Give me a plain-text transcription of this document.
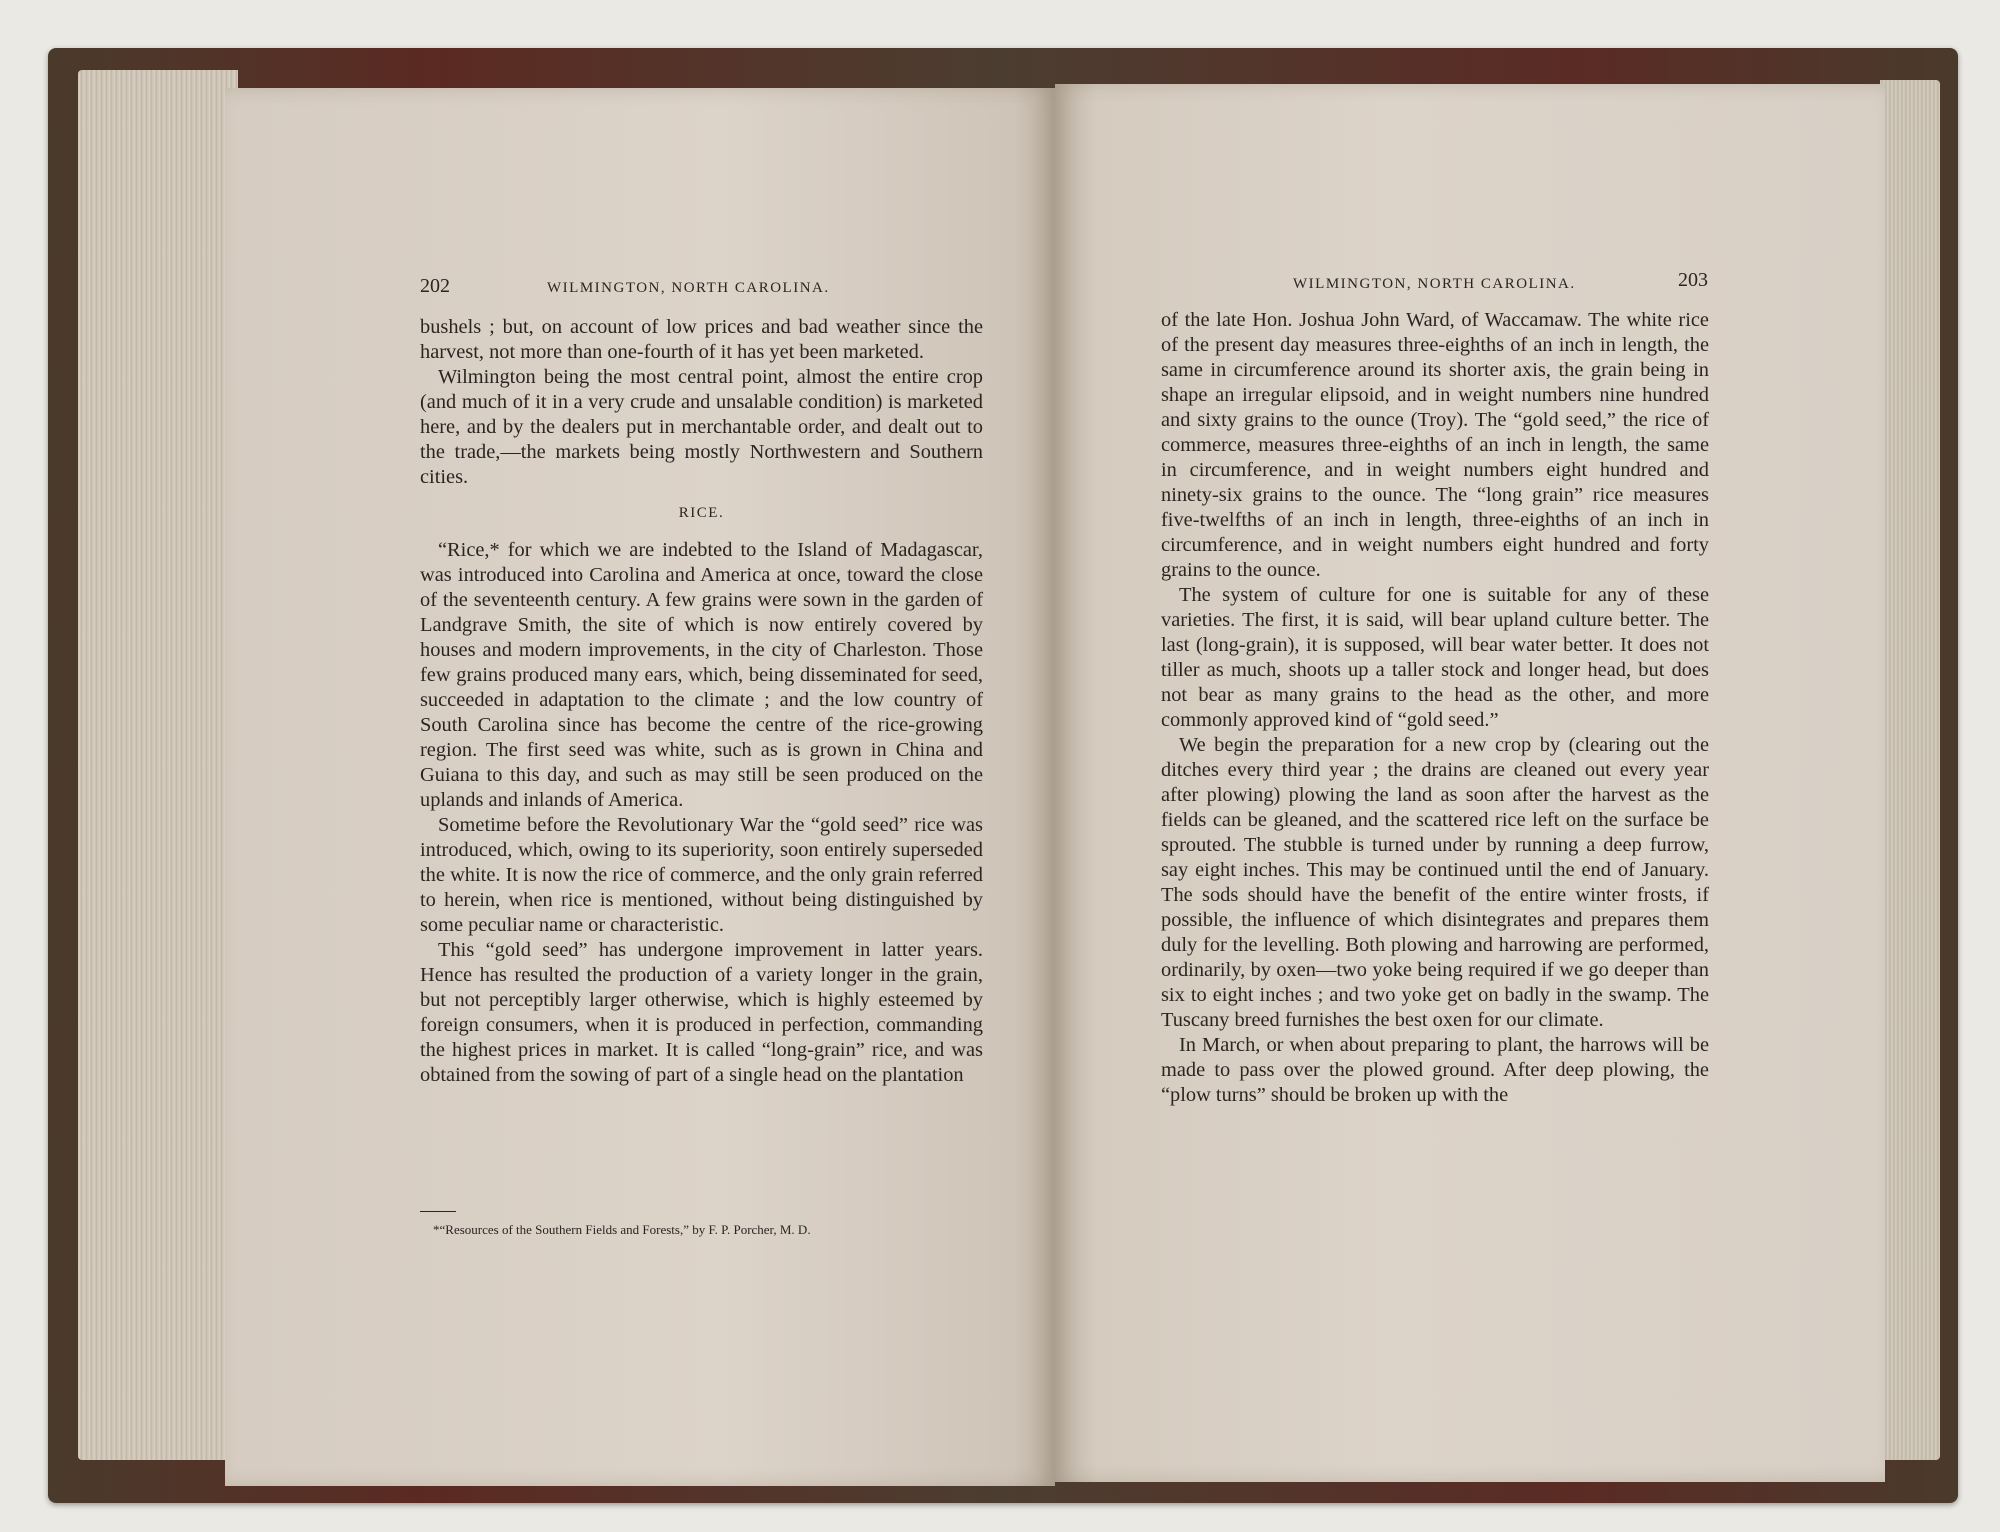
202	WILMINGTON, NORTH CAROLINA.

bushels ; but, on account of low prices and bad weather since the harvest, not more than one-fourth of it has yet been marketed.

Wilmington being the most central point, almost the entire crop (and much of it in a very crude and unsalable condition) is marketed here, and by the dealers put in merchantable order, and dealt out to the trade,—the markets being mostly Northwestern and Southern cities.

RICE.

“Rice,* for which we are indebted to the Island of Madagascar, was introduced into Carolina and America at once, toward the close of the seventeenth century. A few grains were sown in the garden of Landgrave Smith, the site of which is now entirely covered by houses and modern improvements, in the city of Charleston. Those few grains produced many ears, which, being disseminated for seed, succeeded in adaptation to the climate ; and the low country of South Carolina since has become the centre of the rice-growing region. The first seed was white, such as is grown in China and Guiana to this day, and such as may still be seen produced on the uplands and inlands of America.

Sometime before the Revolutionary War the “gold seed” rice was introduced, which, owing to its superiority, soon entirely superseded the white. It is now the rice of commerce, and the only grain referred to herein, when rice is mentioned, without being distinguished by some peculiar name or characteristic.

This “gold seed” has undergone improvement in latter years. Hence has resulted the production of a variety longer in the grain, but not perceptibly larger otherwise, which is highly esteemed by foreign consumers, when it is produced in perfection, commanding the highest prices in market. It is called “long-grain” rice, and was obtained from the sowing of part of a single head on the plantation

*“Resources of the Southern Fields and Forests,” by F. P. Porcher, M. D.
WILMINGTON, NORTH CAROLINA.	203

of the late Hon. Joshua John Ward, of Waccamaw. The white rice of the present day measures three-eighths of an inch in length, the same in circumference around its shorter axis, the grain being in shape an irregular elipsoid, and in weight numbers nine hundred and sixty grains to the ounce (Troy). The “gold seed,” the rice of commerce, measures three-eighths of an inch in length, the same in circumference, and in weight numbers eight hundred and ninety-six grains to the ounce. The “long grain” rice measures five-twelfths of an inch in length, three-eighths of an inch in circumference, and in weight numbers eight hundred and forty grains to the ounce.

The system of culture for one is suitable for any of these varieties. The first, it is said, will bear upland culture better. The last (long-grain), it is supposed, will bear water better. It does not tiller as much, shoots up a taller stock and longer head, but does not bear as many grains to the head as the other, and more commonly approved kind of “gold seed.”

We begin the preparation for a new crop by (clearing out the ditches every third year ; the drains are cleaned out every year after plowing) plowing the land as soon after the harvest as the fields can be gleaned, and the scattered rice left on the surface be sprouted. The stubble is turned under by running a deep furrow, say eight inches. This may be continued until the end of January. The sods should have the benefit of the entire winter frosts, if possible, the influence of which disintegrates and prepares them duly for the levelling. Both plowing and harrowing are performed, ordinarily, by oxen—two yoke being required if we go deeper than six to eight inches ; and two yoke get on badly in the swamp. The Tuscany breed furnishes the best oxen for our climate.

In March, or when about preparing to plant, the harrows will be made to pass over the plowed ground. After deep plowing, the “plow turns” should be broken up with the
